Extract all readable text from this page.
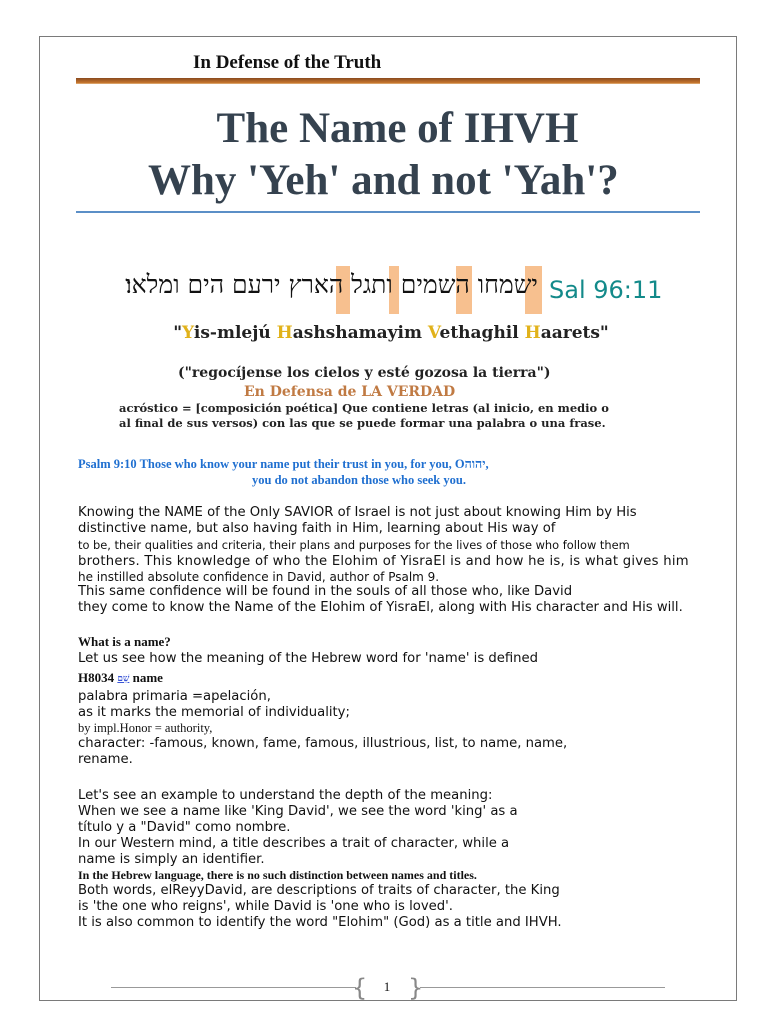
In Defense of the Truth
The Name of IHVH
Why 'Yeh' and not 'Yah'?
ישמחו השמים ותגל הארץ ירעם הים ומלאו׃ Sal 96:11
"Yis-mlejú Hashshamayim Vethaghil Haarets"
("regocíjense los cielos y esté gozosa la tierra")
En Defensa de LA VERDAD
acróstico = [composición poética] Que contiene letras (al inicio, en medio o
al final de sus versos) con las que se puede formar una palabra o una frase.
Psalm 9:10 Those who know your name put their trust in you, for you, Oיהוה,
you do not abandon those who seek you.
Knowing the NAME of the Only SAVIOR of Israel is not just about knowing Him by His
distinctive name, but also having faith in Him, learning about His way of
to be, their qualities and criteria, their plans and purposes for the lives of those who follow them
brothers. This knowledge of who the Elohim of YisraEl is and how he is, is what gives him
he instilled absolute confidence in David, author of Psalm 9.
This same confidence will be found in the souls of all those who, like David
they come to know the Name of the Elohim of YisraEl, along with His character and His will.
What is a name?
Let us see how the meaning of the Hebrew word for 'name' is defined
H8034 שֵׁם name
palabra primaria =apelación,
as it marks the memorial of individuality;
by impl.Honor = authority,
character: -famous, known, fame, famous, illustrious, list, to name, name,
rename.
Let's see an example to understand the depth of the meaning:
When we see a name like 'King David', we see the word 'king' as a
título y a "David" como nombre.
In our Western mind, a title describes a trait of character, while a
name is simply an identifier.
In the Hebrew language, there is no such distinction between names and titles.
Both words, elReyyDavid, are descriptions of traits of character, the King
is 'the one who reigns', while David is 'one who is loved'.
It is also common to identify the word "Elohim" (God) as a title and IHVH.
{	1 }
